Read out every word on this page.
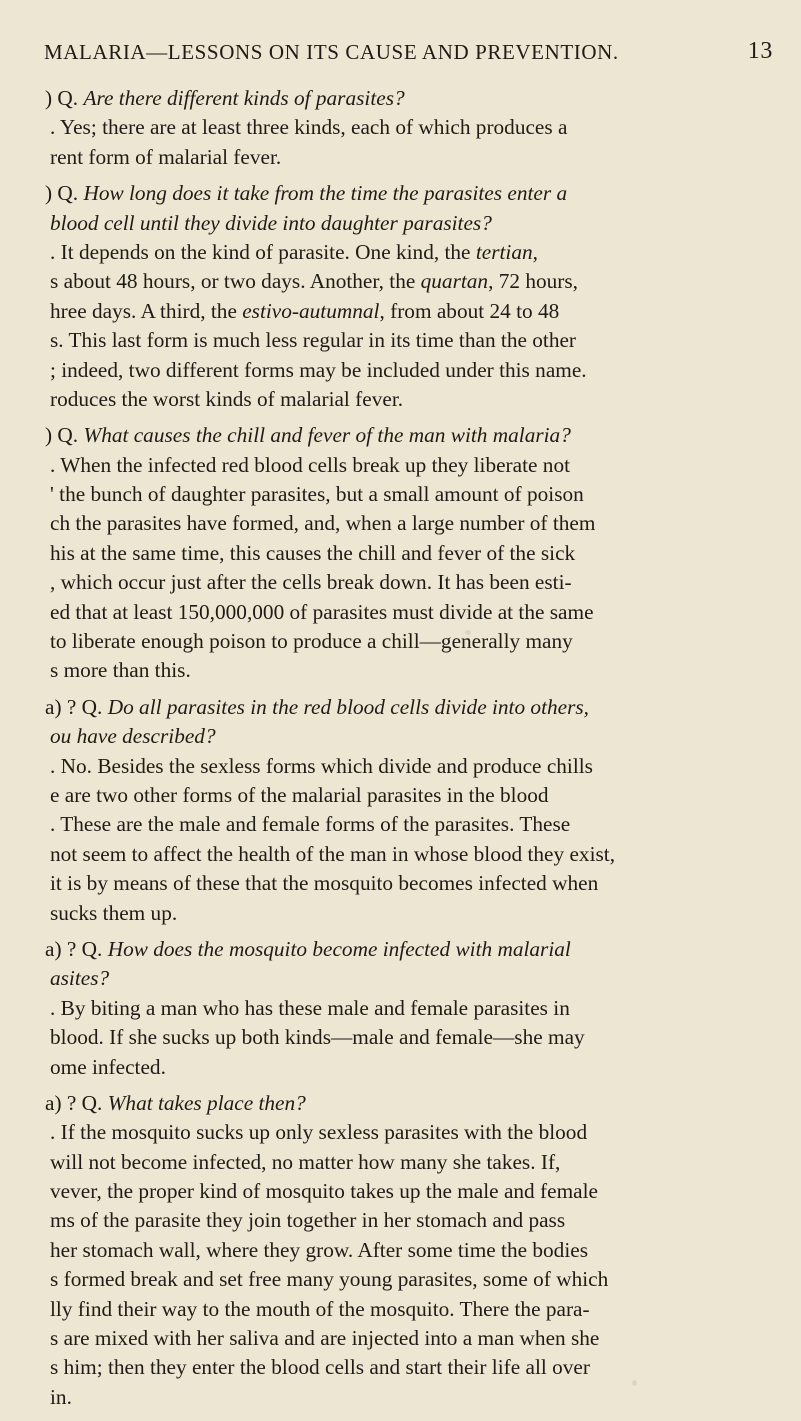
MALARIA—LESSONS ON ITS CAUSE AND PREVENTION.	13
) Q. Are there different kinds of parasites?
. Yes; there are at least three kinds, each of which produces a
rent form of malarial fever.
) Q. How long does it take from the time the parasites enter a
blood cell until they divide into daughter parasites?
. It depends on the kind of parasite. One kind, the tertian,
s about 48 hours, or two days. Another, the quartan, 72 hours,
hree days. A third, the estivo-autumnal, from about 24 to 48
s. This last form is much less regular in its time than the other
; indeed, two different forms may be included under this name.
roduces the worst kinds of malarial fever.
) Q. What causes the chill and fever of the man with malaria?
. When the infected red blood cells break up they liberate not
' the bunch of daughter parasites, but a small amount of poison
ch the parasites have formed, and, when a large number of them
his at the same time, this causes the chill and fever of the sick
, which occur just after the cells break down. It has been esti-
ed that at least 150,000,000 of parasites must divide at the same
to liberate enough poison to produce a chill—generally many
s more than this.
a) ? Q. Do all parasites in the red blood cells divide into others,
ou have described?
. No. Besides the sexless forms which divide and produce chills
e are two other forms of the malarial parasites in the blood
. These are the male and female forms of the parasites. These
not seem to affect the health of the man in whose blood they exist,
it is by means of these that the mosquito becomes infected when
sucks them up.
a) ? Q. How does the mosquito become infected with malarial
asites?
. By biting a man who has these male and female parasites in
blood. If she sucks up both kinds—male and female—she may
ome infected.
a) ? Q. What takes place then?
. If the mosquito sucks up only sexless parasites with the blood
will not become infected, no matter how many she takes. If,
vever, the proper kind of mosquito takes up the male and female
ms of the parasite they join together in her stomach and pass
her stomach wall, where they grow. After some time the bodies
s formed break and set free many young parasites, some of which
lly find their way to the mouth of the mosquito. There the para-
s are mixed with her saliva and are injected into a man when she
s him; then they enter the blood cells and start their life all over
in.
